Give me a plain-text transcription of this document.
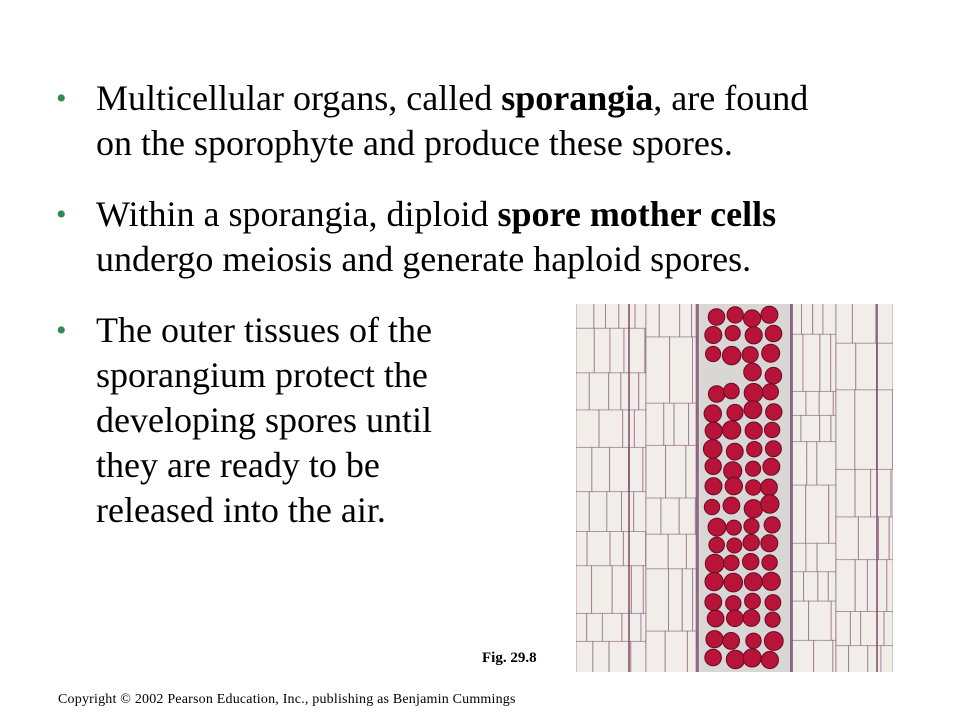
• Multicellular organs, called sporangia, are found
on the sporophyte and produce these spores.
• Within a sporangia, diploid spore mother cells
undergo meiosis and generate haploid spores.
• The outer tissues of the
sporangium protect the
developing spores until
they are ready to be
released into the air.
Fig. 29.8
Copyright © 2002 Pearson Education, Inc., publishing as Benjamin Cummings
